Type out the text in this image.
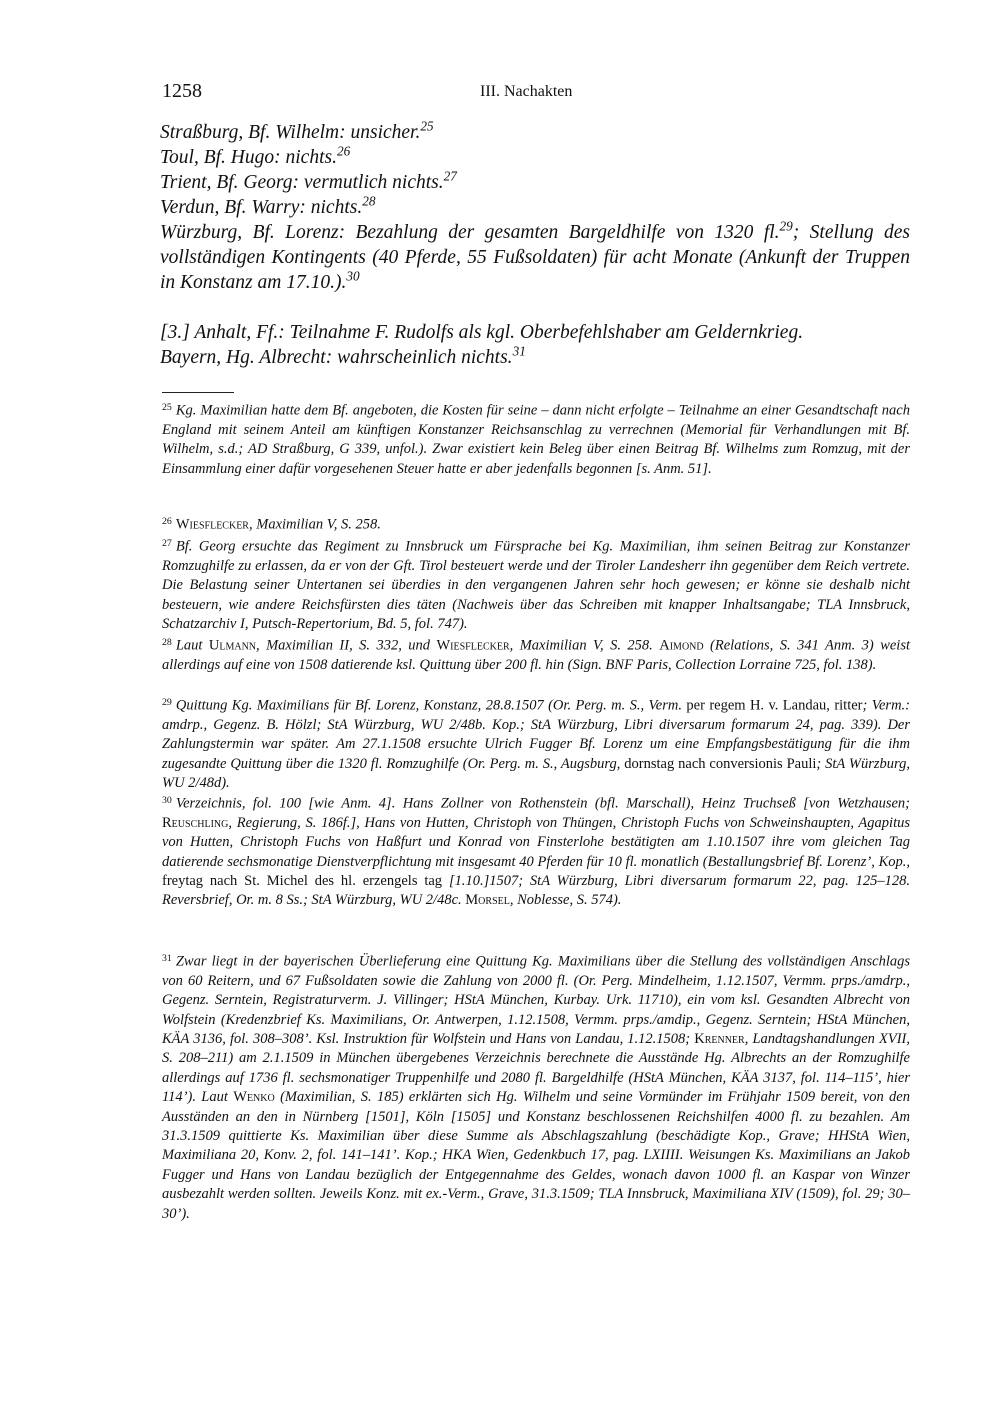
1258	III. Nachakten

Straßburg, Bf. Wilhelm: unsicher.$^{25}$

Toul, Bf. Hugo: nichts.$^{26}$

Trient, Bf. Georg: vermutlich nichts.$^{27}$

Verdun, Bf. Warry: nichts.$^{28}$

Würzburg, Bf. Lorenz: Bezahlung der gesamten Bargeldhilfe von 1320 fl.$^{29}$; Stellung des vollständigen Kontingents (40 Pferde, 55 Fußsoldaten) für acht Monate (Ankunft der Truppen in Konstanz am 17.10.).$^{30}$

[3.] Anhalt, Ff.: Teilnahme F. Rudolfs als kgl. Oberbefehlshaber am Geldernkrieg.

Bayern, Hg. Albrecht: wahrscheinlich nichts.$^{31}$

$^{25}$ Kg. Maximilian hatte dem Bf. angeboten, die Kosten für seine – dann nicht erfolgte – Teilnahme an einer Gesandtschaft nach England mit seinem Anteil am künftigen Konstanzer Reichsanschlag zu verrechnen (Memorial für Verhandlungen mit Bf. Wilhelm, s.d.; AD Straßburg, G 339, unfol.). Zwar existiert kein Beleg über einen Beitrag Bf. Wilhelms zum Romzug, mit der Einsammlung einer dafür vorgesehenen Steuer hatte er aber jedenfalls begonnen [s. Anm. 51].

$^{26}$ Wiesflecker, Maximilian V, S. 258.

$^{27}$ Bf. Georg ersuchte das Regiment zu Innsbruck um Fürsprache bei Kg. Maximilian, ihm seinen Beitrag zur Konstanzer Romzughilfe zu erlassen, da er von der Gft. Tirol besteuert werde und der Tiroler Landesherr ihn gegenüber dem Reich vertrete. Die Belastung seiner Untertanen sei überdies in den vergangenen Jahren sehr hoch gewesen; er könne sie deshalb nicht besteuern, wie andere Reichsfürsten dies täten (Nachweis über das Schreiben mit knapper Inhaltsangabe; TLA Innsbruck, Schatzarchiv I, Putsch-Repertorium, Bd. 5, fol. 747).

$^{28}$ Laut Ulmann, Maximilian II, S. 332, und Wiesflecker, Maximilian V, S. 258. Aimond (Relations, S. 341 Anm. 3) weist allerdings auf eine von 1508 datierende ksl. Quittung über 200 fl. hin (Sign. BNF Paris, Collection Lorraine 725, fol. 138).

$^{29}$ Quittung Kg. Maximilians für Bf. Lorenz, Konstanz, 28.8.1507 (Or. Perg. m. S., Verm. per regem H. v. Landau, ritter; Verm.: amdrp., Gegenz. B. Hölzl; StA Würzburg, WU 2/48b. Kop.; StA Würzburg, Libri diversarum formarum 24, pag. 339). Der Zahlungstermin war später. Am 27.1.1508 ersuchte Ulrich Fugger Bf. Lorenz um eine Empfangsbestätigung für die ihm zugesandte Quittung über die 1320 fl. Romzughilfe (Or. Perg. m. S., Augsburg, dornstag nach conversionis Pauli; StA Würzburg, WU 2/48d).

$^{30}$ Verzeichnis, fol. 100 [wie Anm. 4]. Hans Zollner von Rothenstein (bfl. Marschall), Heinz Truchseß [von Wetzhausen; Reuschling, Regierung, S. 186f.], Hans von Hutten, Christoph von Thüngen, Christoph Fuchs von Schweinshaupten, Agapitus von Hutten, Christoph Fuchs von Haßfurt und Konrad von Finsterlohe bestätigten am 1.10.1507 ihre vom gleichen Tag datierende sechsmonatige Dienstverpflichtung mit insgesamt 40 Pferden für 10 fl. monatlich (Bestallungsbrief Bf. Lorenz’, Kop., freytag nach St. Michel des hl. erzengels tag [1.10.]1507; StA Würzburg, Libri diversarum formarum 22, pag. 125–128. Reversbrief, Or. m. 8 Ss.; StA Würzburg, WU 2/48c. Morsel, Noblesse, S. 574).

$^{31}$ Zwar liegt in der bayerischen Überlieferung eine Quittung Kg. Maximilians über die Stellung des vollständigen Anschlags von 60 Reitern, und 67 Fußsoldaten sowie die Zahlung von 2000 fl. (Or. Perg. Mindelheim, 1.12.1507, Vermm. prps./amdrp., Gegenz. Serntein, Registraturverm. J. Villinger; HStA München, Kurbay. Urk. 11710), ein vom ksl. Gesandten Albrecht von Wolfstein (Kredenzbrief Ks. Maximilians, Or. Antwerpen, 1.12.1508, Vermm. prps./amdip., Gegenz. Serntein; HStA München, KÄA 3136, fol. 308–308’. Ksl. Instruktion für Wolfstein und Hans von Landau, 1.12.1508; Krenner, Landtagshandlungen XVII, S. 208–211) am 2.1.1509 in München übergebenes Verzeichnis berechnete die Ausstände Hg. Albrechts an der Romzughilfe allerdings auf 1736 fl. sechsmonatiger Truppenhilfe und 2080 fl. Bargeldhilfe (HStA München, KÄA 3137, fol. 114–115’, hier 114’). Laut Wenko (Maximilian, S. 185) erklärten sich Hg. Wilhelm und seine Vormünder im Frühjahr 1509 bereit, von den Ausständen an den in Nürnberg [1501], Köln [1505] und Konstanz beschlossenen Reichshilfen 4000 fl. zu bezahlen. Am 31.3.1509 quittierte Ks. Maximilian über diese Summe als Abschlagszahlung (beschädigte Kop., Grave; HHStA Wien, Maximiliana 20, Konv. 2, fol. 141–141’. Kop.; HKA Wien, Gedenkbuch 17, pag. LXIIII. Weisungen Ks. Maximilians an Jakob Fugger und Hans von Landau bezüglich der Entgegennahme des Geldes, wonach davon 1000 fl. an Kaspar von Winzer ausbezahlt werden sollten. Jeweils Konz. mit ex.-Verm., Grave, 31.3.1509; TLA Innsbruck, Maximiliana XIV (1509), fol. 29; 30–30’).
